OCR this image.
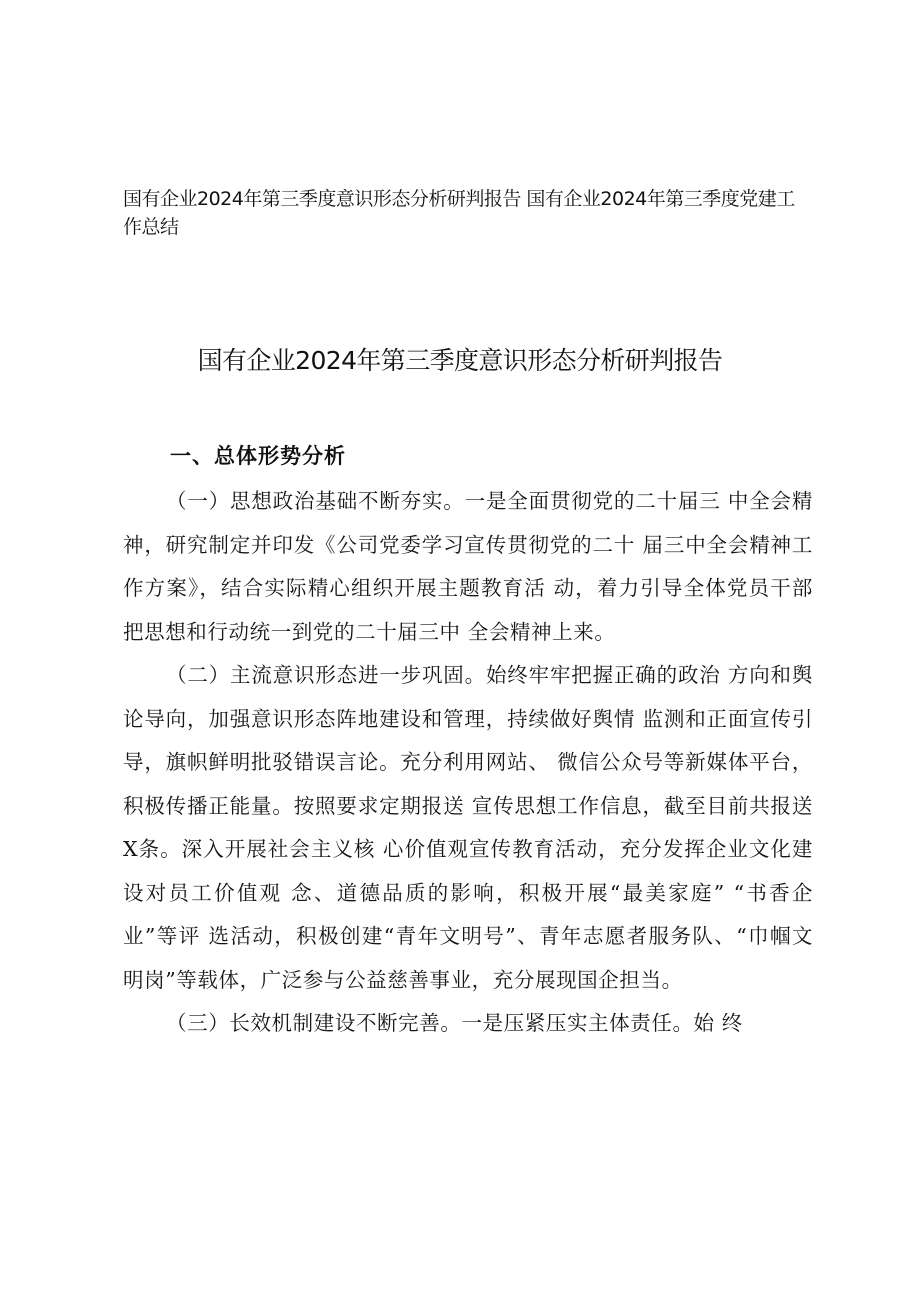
国有企业2024年第三季度意识形态分析研判报告 国有企业2024年第三季度党建工作总结
国有企业2024年第三季度意识形态分析研判报告
一、总体形势分析

（一）思想政治基础不断夯实。一是全面贯彻党的二十届三 中全会精神，研究制定并印发《公司党委学习宣传贯彻党的二十 届三中全会精神工作方案》，结合实际精心组织开展主题教育活 动，着力引导全体党员干部把思想和行动统一到党的二十届三中 全会精神上来。

（二）主流意识形态进一步巩固。始终牢牢把握正确的政治 方向和舆论导向，加强意识形态阵地建设和管理，持续做好舆情 监测和正面宣传引导，旗帜鲜明批驳错误言论。充分利用网站、 微信公众号等新媒体平台，积极传播正能量。按照要求定期报送 宣传思想工作信息，截至目前共报送X条。深入开展社会主义核 心价值观宣传教育活动，充分发挥企业文化建设对员工价值观 念、道德品质的影响，积极开展“最美家庭” “书香企业”等评 选活动，积极创建“青年文明号”、青年志愿者服务队、“巾帼文 明岗”等载体，广泛参与公益慈善事业，充分展现国企担当。

（三）长效机制建设不断完善。一是压紧压实主体责任。始 终
